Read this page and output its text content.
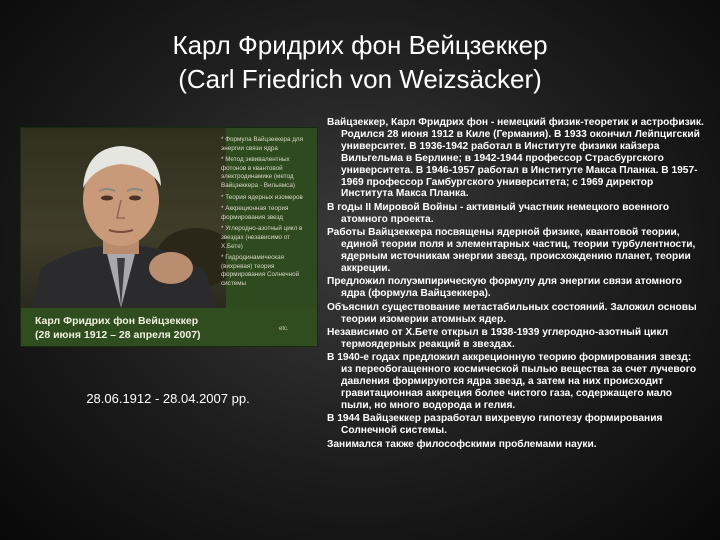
Карл Фридрих фон Вейцзеккер
(Carl Friedrich von Weizsäcker)
* Формула Вайцзеккера для энергии связи ядра
* Метод эквивалентных фотонов в квантовой электродинамике (метод Вайцзеккера - Вильямса)
* Теория ядерных изомеров
* Аккреционная теория формирования звезд
* Углеродно-азотный цикл в звездах (независимо от Х.Бете)
* Гидродинамическая (вихревая) теория формирования Солнечной системы
Карл Фридрих фон Вейцзеккер
(28 июня 1912 – 28 апреля 2007)	etc.
28.06.1912 - 28.04.2007 pp.
Вайцзеккер, Карл Фридрих фон - немецкий физик-теоретик и астрофизик. Родился 28 июня 1912 в Киле (Германия). В 1933 окончил Лейпцигский университет. В 1936-1942 работал в Институте физики кайзера Вильгельма в Берлине; в 1942-1944 профессор Страсбургского университета. В 1946-1957 работал в Институте Макса Планка. В 1957-1969 профессор Гамбургского университета; с 1969 директор Института Макса Планка.
В годы II Мировой Войны - активный участник немецкого военного атомного проекта.
Работы Вайцзеккера посвящены ядерной физике, квантовой теории, единой теории поля и элементарных частиц, теории турбулентности, ядерным источникам энергии звезд, происхождению планет, теории аккреции.
Предложил полуэмпирическую формулу для энергии связи атомного ядра (формула Вайцзеккера).
Объяснил существование метастабильных состояний. Заложил основы теории изомерии атомных ядер.
Независимо от Х.Бете открыл в 1938-1939 углеродно-азотный цикл термоядерных реакций в звездах.
В 1940-е годах предложил аккреционную теорию формирования звезд: из переобогащенного космической пылью вещества за счет лучевого давления формируются ядра звезд, а затем на них происходит гравитационная аккреция более чистого газа, содержащего мало пыли, но много водорода и гелия.
В 1944 Вайцзеккер разработал вихревую гипотезу формирования Солнечной системы.
Занимался также философскими проблемами науки.
